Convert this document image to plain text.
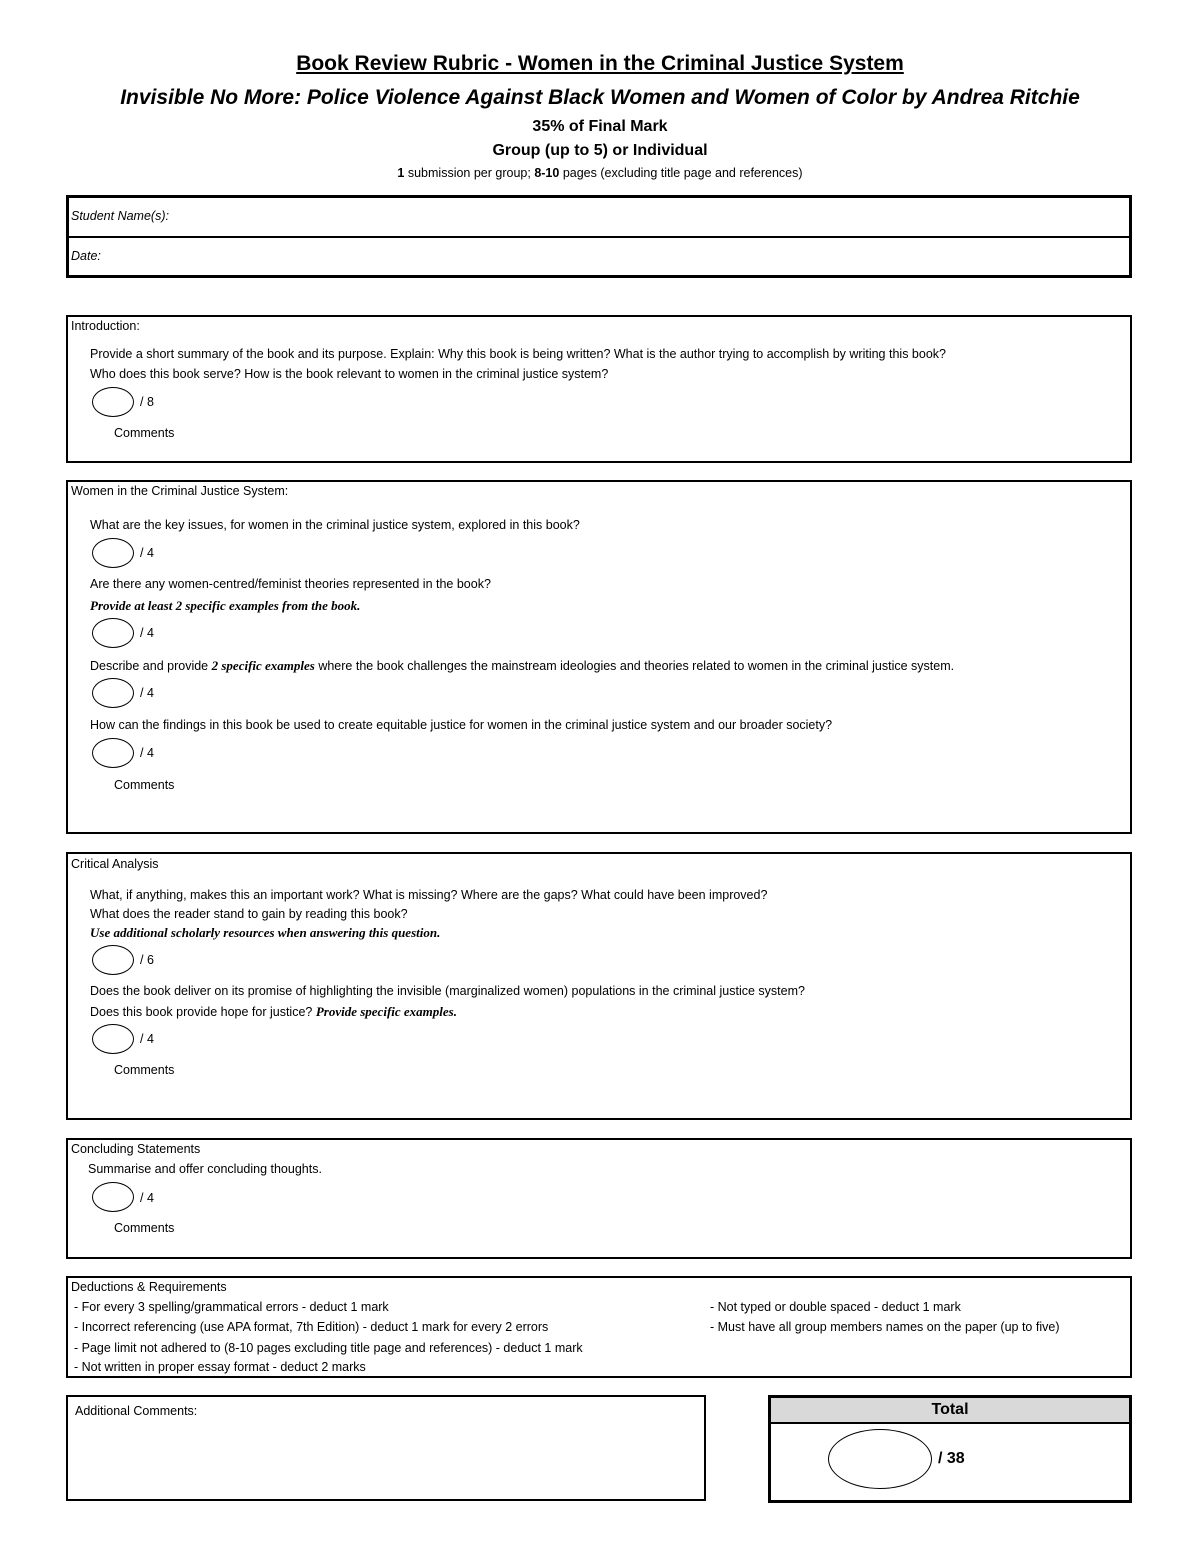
Book Review Rubric - Women in the Criminal Justice System
Invisible No More: Police Violence Against Black Women and Women of Color by Andrea Ritchie
35% of Final Mark
Group (up to 5) or Individual
1 submission per group; 8-10 pages (excluding title page and references)
Student Name(s):
Date:
Introduction:
Provide a short summary of the book and its purpose. Explain: Why this book is being written? What is the author trying to accomplish by writing this book?
Who does this book serve? How is the book relevant to women in the criminal justice system?
/ 8
Comments
Women in the Criminal Justice System:
What are the key issues, for women in the criminal justice system, explored in this book?
/ 4
Are there any women-centred/feminist theories represented in the book?
Provide at least 2 specific examples from the book.
/ 4
Describe and provide 2 specific examples where the book challenges the mainstream ideologies and theories related to women in the criminal justice system.
/ 4
How can the findings in this book be used to create equitable justice for women in the criminal justice system and our broader society?
/ 4
Comments
Critical Analysis
What, if anything, makes this an important work? What is missing? Where are the gaps? What could have been improved?
What does the reader stand to gain by reading this book?
Use additional scholarly resources when answering this question.
/ 6
Does the book deliver on its promise of highlighting the invisible (marginalized women) populations in the criminal justice system?
Does this book provide hope for justice? Provide specific examples.
/ 4
Comments
Concluding Statements
Summarise and offer concluding thoughts.
/ 4
Comments
Deductions & Requirements
- For every 3 spelling/grammatical errors - deduct 1 mark
- Incorrect referencing (use APA format, 7th Edition) - deduct 1 mark for every 2 errors
- Page limit not adhered to (8-10 pages excluding title page and references) - deduct 1 mark
- Not written in proper essay format - deduct 2 marks
- Not typed or double spaced - deduct 1 mark
- Must have all group members names on the paper (up to five)
Additional Comments:	Total
/ 38
